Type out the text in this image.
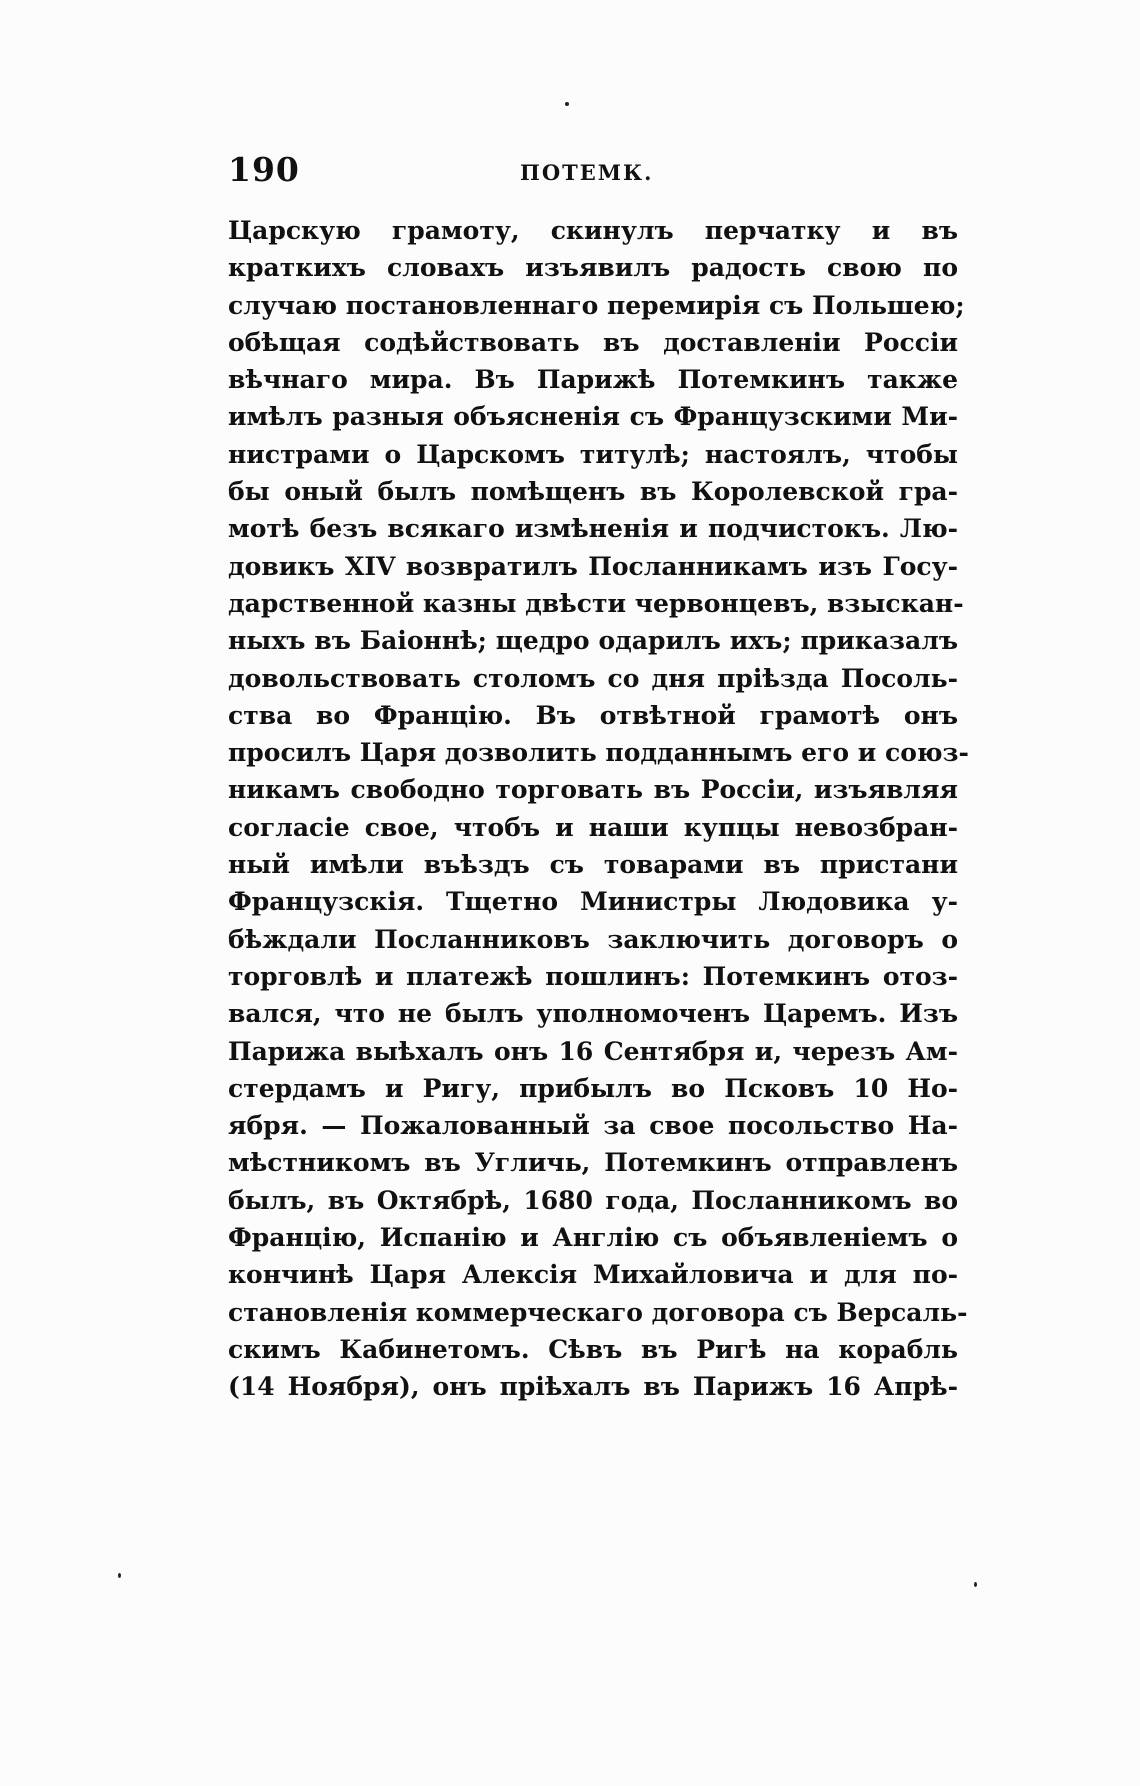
190	ПОТЕМК.
Царскую грамоту, скинулъ перчатку и въ
краткихъ словахъ изъявилъ радость свою по
случаю постановленнаго перемирія съ Польшею;
обѣщая содѣйствовать въ доставленіи Россіи
вѣчнаго мира. Въ Парижѣ Потемкинъ также
имѣлъ разныя объясненія съ Французскими Ми-
нистрами о Царскомъ титулѣ; настоялъ, чтобы
бы оный былъ помѣщенъ въ Королевской гра-
мотѣ безъ всякаго измѣненія и подчистокъ. Лю-
довикъ XIV возвратилъ Посланникамъ изъ Госу-
дарственной казны двѣсти червонцевъ, взыскан-
ныхъ въ Баіоннѣ; щедро одарилъ ихъ; приказалъ
довольствовать столомъ со дня пріѣзда Посоль-
ства во Францію. Въ отвѣтной грамотѣ онъ
просилъ Царя дозволить подданнымъ его и союз-
никамъ свободно торговать въ Россіи, изъявляя
согласіе свое, чтобъ и наши купцы невозбран-
ный имѣли въѣздъ съ товарами въ пристани
Французскія. Тщетно Министры Людовика у-
бѣждали Посланниковъ заключить договоръ о
торговлѣ и платежѣ пошлинъ: Потемкинъ отоз-
вался, что не былъ уполномоченъ Царемъ. Изъ
Парижа выѣхалъ онъ 16 Сентября и, черезъ Ам-
стердамъ и Ригу, прибылъ во Псковъ 10 Но-
ября. — Пожалованный за свое посольство На-
мѣстникомъ въ Угличь, Потемкинъ отправленъ
былъ, въ Октябрѣ, 1680 года, Посланникомъ во
Францію, Испанію и Англію съ объявленіемъ о
кончинѣ Царя Алексія Михайловича и для по-
становленія коммерческаго договора съ Версаль-
скимъ Кабинетомъ. Сѣвъ въ Ригѣ на корабль
(14 Ноября), онъ пріѣхалъ въ Парижъ 16 Апрѣ-
